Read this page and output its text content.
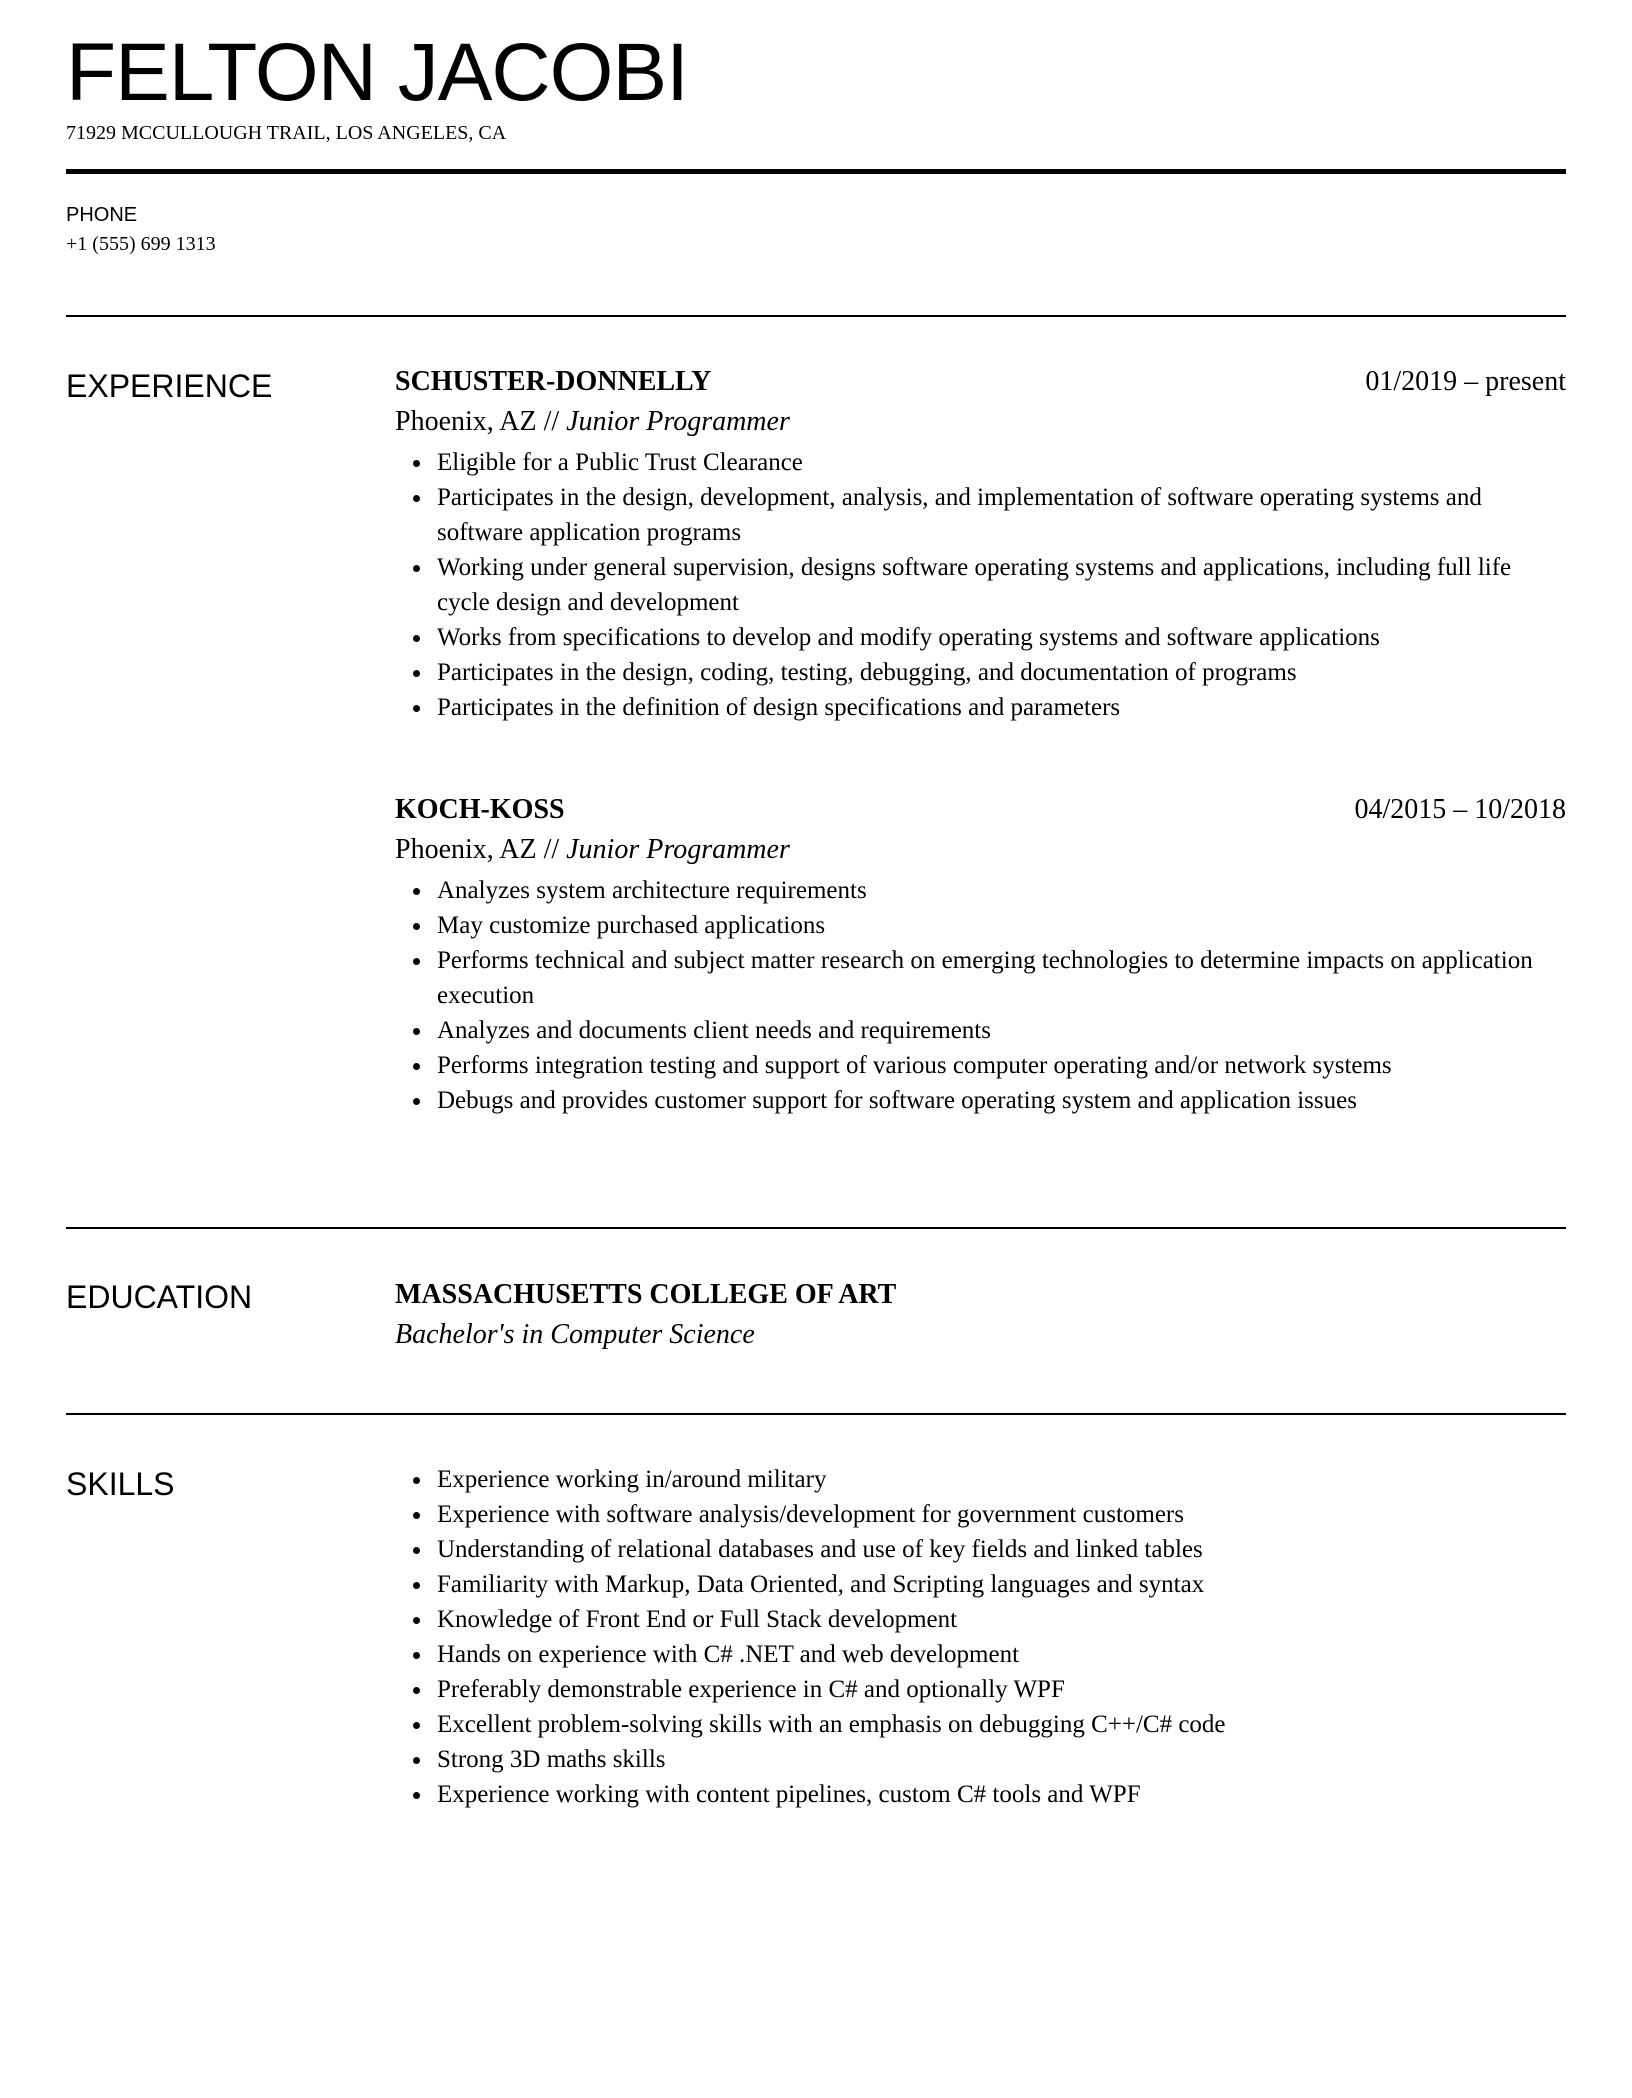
FELTON JACOBI
71929 MCCULLOUGH TRAIL, LOS ANGELES, CA
PHONE
+1 (555) 699 1313
EXPERIENCE	SCHUSTER-DONNELLY	01/2019 – present
Phoenix, AZ // Junior Programmer
Eligible for a Public Trust Clearance
Participates in the design, development, analysis, and implementation of software operating systems and software application programs
Working under general supervision, designs software operating systems and applications, including full life cycle design and development
Works from specifications to develop and modify operating systems and software applications
Participates in the design, coding, testing, debugging, and documentation of programs
Participates in the definition of design specifications and parameters
KOCH-KOSS	04/2015 – 10/2018
Phoenix, AZ // Junior Programmer
Analyzes system architecture requirements
May customize purchased applications
Performs technical and subject matter research on emerging technologies to determine impacts on application execution
Analyzes and documents client needs and requirements
Performs integration testing and support of various computer operating and/or network systems
Debugs and provides customer support for software operating system and application issues
EDUCATION	MASSACHUSETTS COLLEGE OF ART
Bachelor's in Computer Science
SKILLS	Experience working in/around military
Experience with software analysis/development for government customers
Understanding of relational databases and use of key fields and linked tables
Familiarity with Markup, Data Oriented, and Scripting languages and syntax
Knowledge of Front End or Full Stack development
Hands on experience with C# .NET and web development
Preferably demonstrable experience in C# and optionally WPF
Excellent problem-solving skills with an emphasis on debugging C++/C# code
Strong 3D maths skills
Experience working with content pipelines, custom C# tools and WPF
